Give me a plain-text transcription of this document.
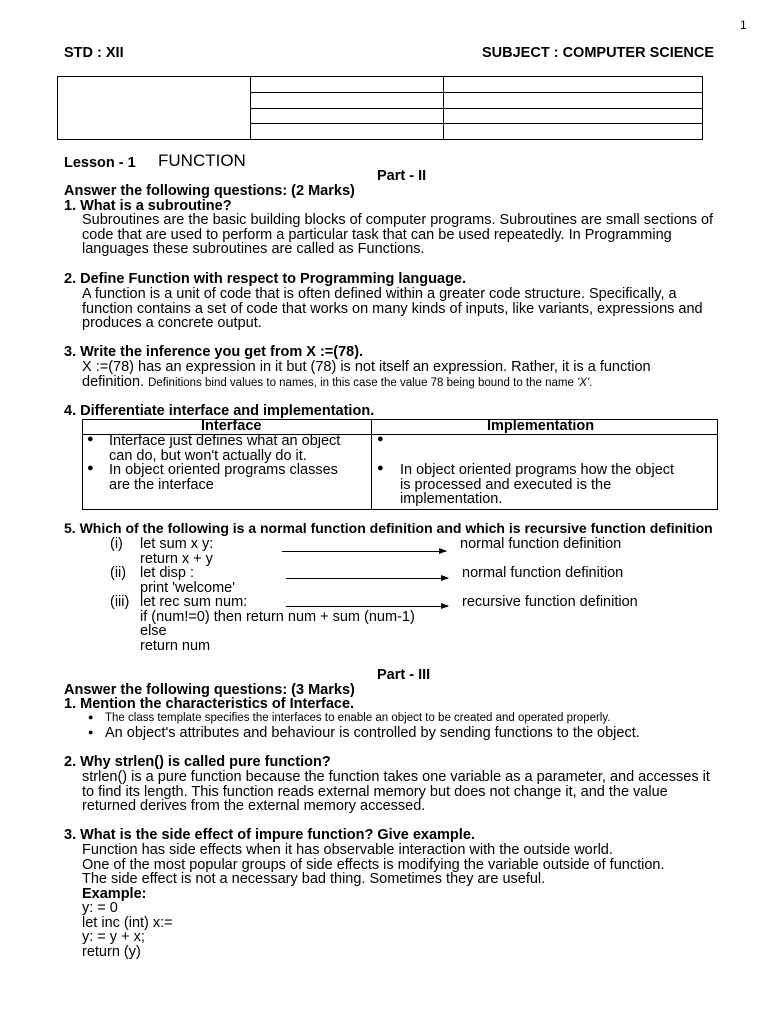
1
STD : XII	SUBJECT : COMPUTER SCIENCE

Lesson - 1 FUNCTION
Part - II
Answer the following questions: (2 Marks)
1. What is a subroutine?
Subroutines are the basic building blocks of computer programs. Subroutines are small sections of
code that are used to perform a particular task that can be used repeatedly. In Programming
languages these subroutines are called as Functions.
2. Define Function with respect to Programming language.
A function is a unit of code that is often defined within a greater code structure. Specifically, a
function contains a set of code that works on many kinds of inputs, like variants, expressions and
produces a concrete output.
3. Write the inference you get from X :=(78).
X :=(78) has an expression in it but (78) is not itself an expression. Rather, it is a function
definition. Definitions bind values to names, in this case the value 78 being bound to the name 'X'.
4. Differentiate interface and implementation.
Interface	Implementation
● Interface just defines what an object
can do, but won't actually do it.
● In object oriented programs classes
are the interface
●
● In object oriented programs how the object
is processed and executed is the
implementation.
5. Which of the following is a normal function definition and which is recursive function definition
(i) let sum x y:
return x + y
normal function definition
(ii) let disp :
print 'welcome'
normal function definition
(iii) let rec sum num:
if (num!=0) then return num + sum (num-1)
else
return num
recursive function definition
Part - III
Answer the following questions: (3 Marks)
1. Mention the characteristics of Interface.
● The class template specifies the interfaces to enable an object to be created and operated properly.
● An object's attributes and behaviour is controlled by sending functions to the object.
2. Why strlen() is called pure function?
strlen() is a pure function because the function takes one variable as a parameter, and accesses it
to find its length. This function reads external memory but does not change it, and the value
returned derives from the external memory accessed.
3. What is the side effect of impure function? Give example.
Function has side effects when it has observable interaction with the outside world.
One of the most popular groups of side effects is modifying the variable outside of function.
The side effect is not a necessary bad thing. Sometimes they are useful.
Example:
y: = 0
let inc (int) x:=
y: = y + x;
return (y)
